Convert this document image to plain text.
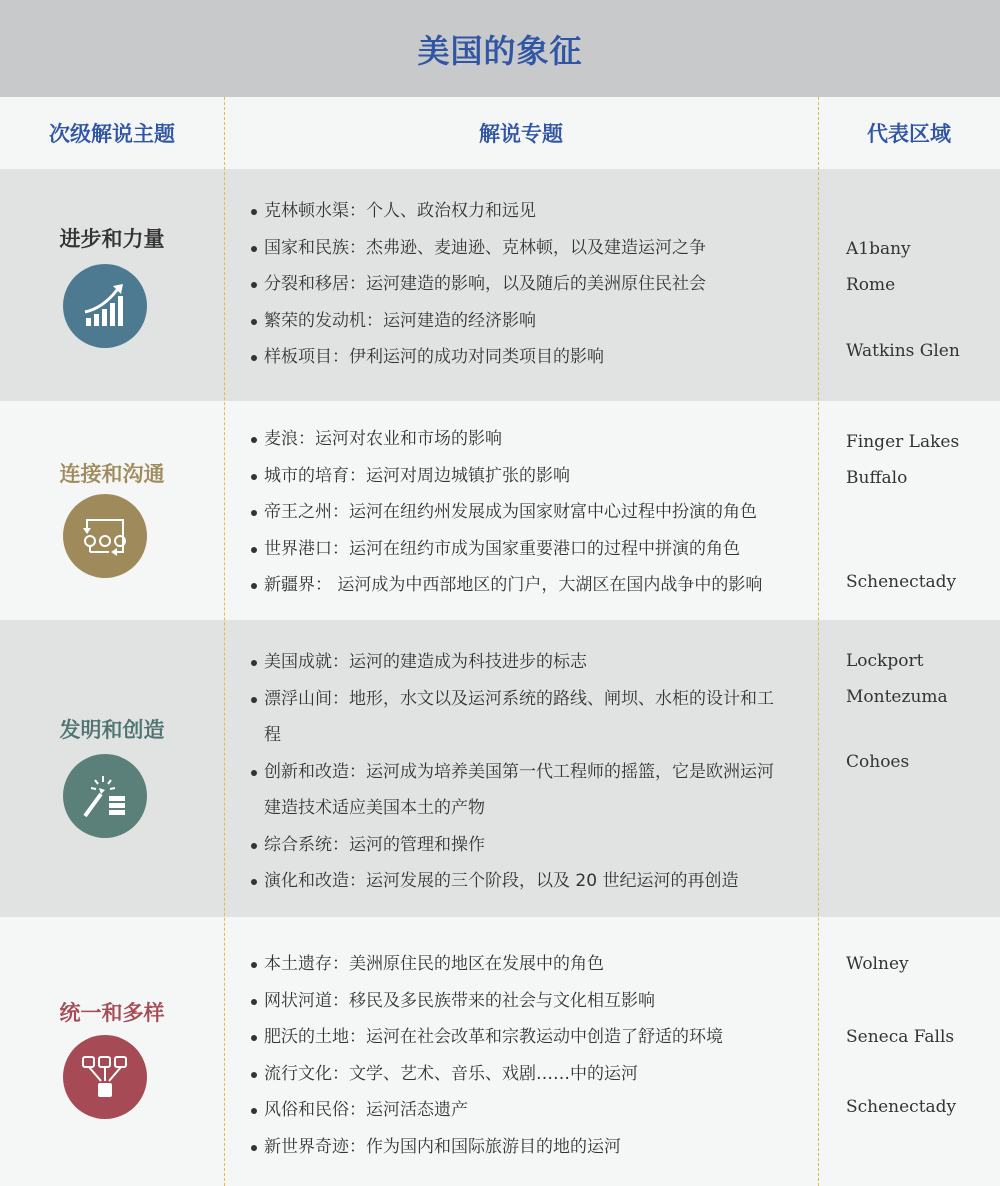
美国的象征
次级解说主题	解说专题	代表区域
进步和力量
克林顿水渠：个人、政治权力和远见
国家和民族：杰弗逊、麦迪逊、克林顿，以及建造运河之争
分裂和移居：运河建造的影响，以及随后的美洲原住民社会
繁荣的发动机：运河建造的经济影响
样板项目：伊利运河的成功对同类项目的影响
A1bany
Rome
Watkins Glen
连接和沟通
麦浪：运河对农业和市场的影响
城市的培育：运河对周边城镇扩张的影响
帝王之州：运河在纽约州发展成为国家财富中心过程中扮演的角色
世界港口：运河在纽约市成为国家重要港口的过程中拼演的角色
新疆界： 运河成为中西部地区的门户，大湖区在国内战争中的影响
Finger Lakes
Buffalo
Schenectady
发明和创造
美国成就：运河的建造成为科技进步的标志
漂浮山间：地形，水文以及运河系统的路线、闸坝、水柜的设计和工程
创新和改造：运河成为培养美国第一代工程师的摇篮，它是欧洲运河建造技术适应美国本土的产物
综合系统：运河的管理和操作
演化和改造：运河发展的三个阶段，以及 20 世纪运河的再创造
Lockport
Montezuma
Cohoes
统一和多样
本土遗存：美洲原住民的地区在发展中的角色
网状河道：移民及多民族带来的社会与文化相互影响
肥沃的土地：运河在社会改革和宗教运动中创造了舒适的环境
流行文化：文学、艺术、音乐、戏剧……中的运河
风俗和民俗：运河活态遗产
新世界奇迹：作为国内和国际旅游目的地的运河
Wolney
Seneca Falls
Schenectady
